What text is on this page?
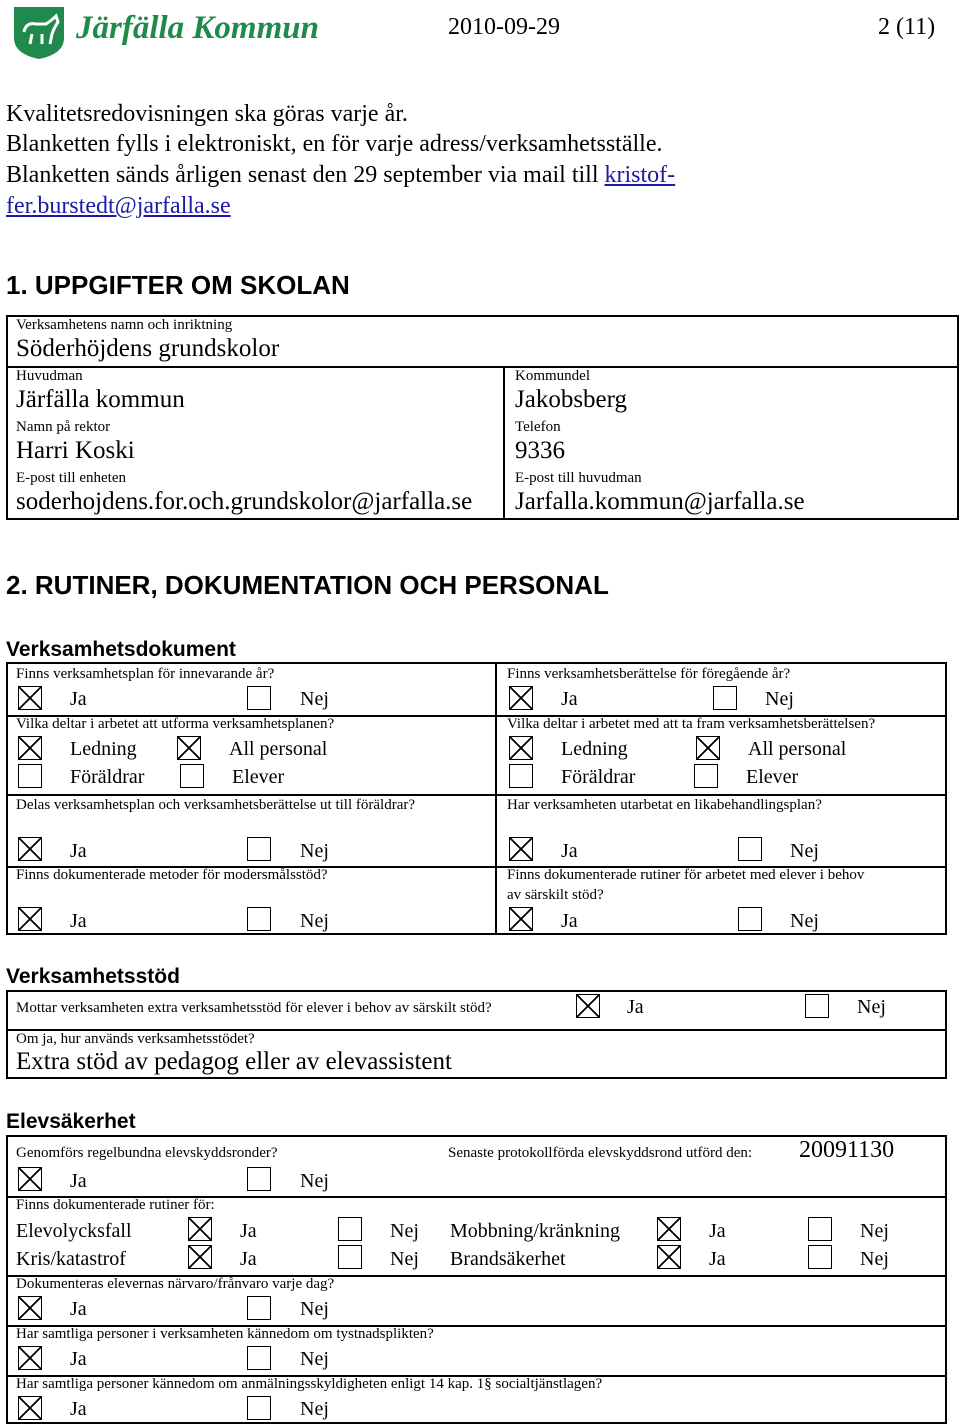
Järfälla Kommun	2010-09-29	2 (11)
Kvalitetsredovisningen ska göras varje år.
Blanketten fylls i elektroniskt, en för varje adress/verksamhetsställe.
Blanketten sänds årligen senast den 29 september via mail till kristof-
fer.burstedt@jarfalla.se
1. UPPGIFTER OM SKOLAN
Verksamhetens namn och inriktning
Söderhöjdens grundskolor
Huvudman
Järfälla kommun
Kommundel
Jakobsberg
Namn på rektor
Harri Koski
Telefon
9336
E-post till enheten
soderhojdens.for.och.grundskolor@jarfalla.se
E-post till huvudman
Jarfalla.kommun@jarfalla.se
2. RUTINER, DOKUMENTATION OCH PERSONAL
Verksamhetsdokument
Finns verksamhetsplan för innevarande år?
Ja	Nej
Finns verksamhetsberättelse för föregående år?
Ja	Nej
Vilka deltar i arbetet att utforma verksamhetsplanen?
Ledning	All personal
Föräldrar	Elever
Vilka deltar i arbetet med att ta fram verksamhetsberättelsen?
Ledning	All personal
Föräldrar	Elever
Delas verksamhetsplan och verksamhetsberättelse ut till föräldrar?
Ja	Nej
Har verksamheten utarbetat en likabehandlingsplan?
Ja	Nej
Finns dokumenterade metoder för modersmålsstöd?
Ja	Nej
Finns dokumenterade rutiner för arbetet med elever i behov
av särskilt stöd?
Ja	Nej
Verksamhetsstöd
Mottar verksamheten extra verksamhetsstöd för elever i behov av särskilt stöd?	Ja	Nej
Om ja, hur används verksamhetsstödet?
Extra stöd av pedagog eller av elevassistent
Elevsäkerhet
Genomförs regelbundna elevskyddsronder?
Ja	Nej
Senaste protokollförda elevskyddsrond utförd den: 20091130
Finns dokumenterade rutiner för:
Elevolycksfall	Ja	Nej Mobbning/kränkning	Ja	Nej
Kris/katastrof	Ja	Nej Brandsäkerhet	Ja	Nej
Dokumenteras elevernas närvaro/frånvaro varje dag?
Ja	Nej
Har samtliga personer i verksamheten kännedom om tystnadsplikten?
Ja	Nej
Har samtliga personer kännedom om anmälningsskyldigheten enligt 14 kap. 1§ socialtjänstlagen?
Ja	Nej
